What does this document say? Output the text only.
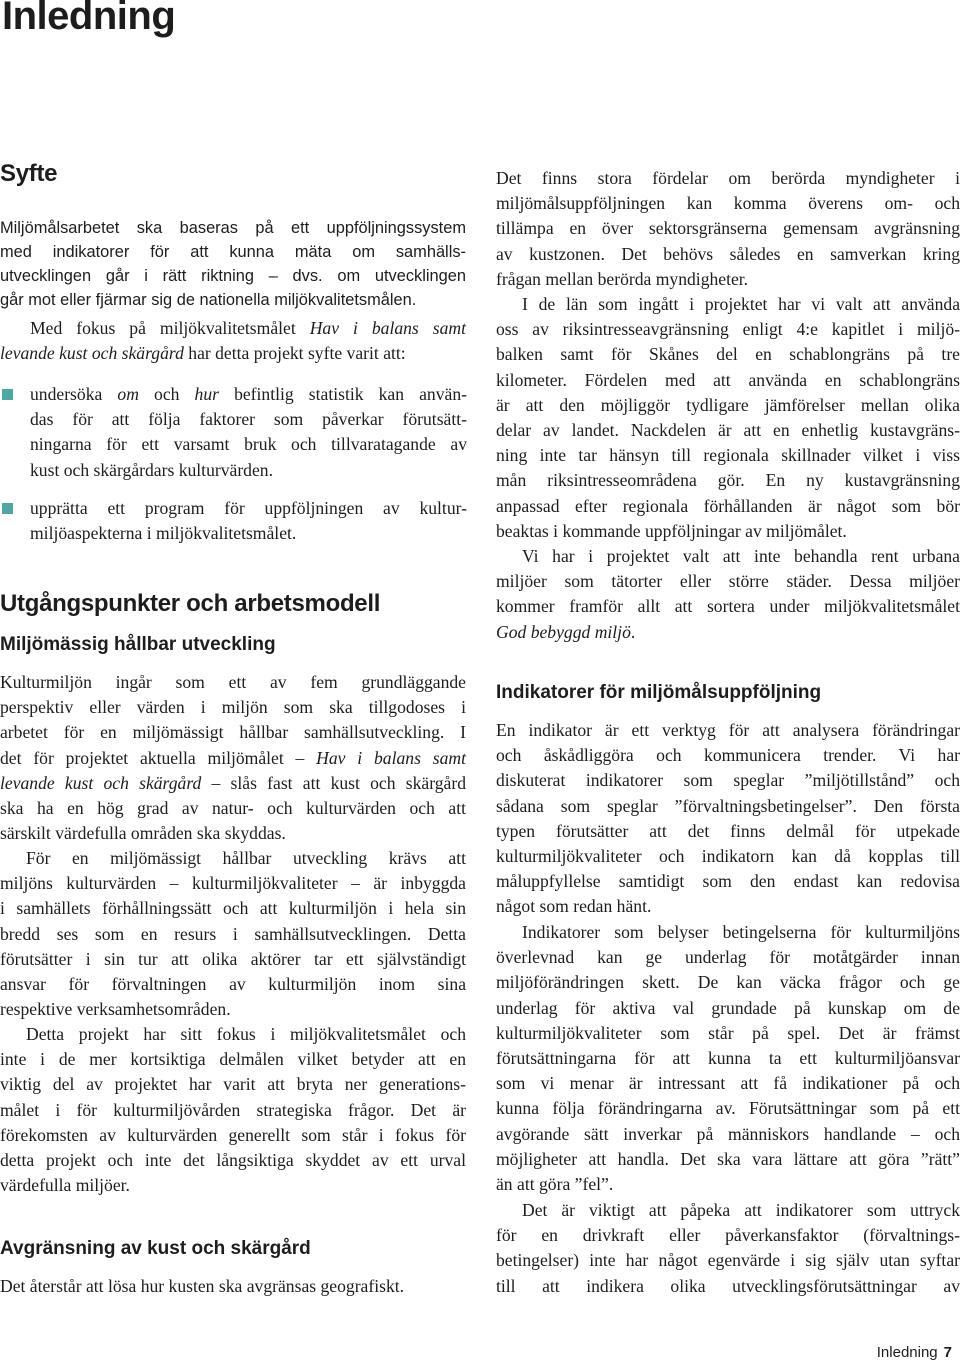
Inledning
Syfte
Miljömålsarbetet ska baseras på ett uppföljningssystem
med indikatorer för att kunna mäta om samhälls-
utvecklingen går i rätt riktning – dvs. om utvecklingen
går mot eller fjärmar sig de nationella miljökvalitetsmålen.
Med fokus på miljökvalitetsmålet Hav i balans samt
levande kust och skärgård har detta projekt syfte varit att:
undersöka om och hur befintlig statistik kan använ-
das för att följa faktorer som påverkar förutsätt-
ningarna för ett varsamt bruk och tillvaratagande av
kust och skärgårdars kulturvärden.
upprätta ett program för uppföljningen av kultur-
miljöaspekterna i miljökvalitetsmålet.
Utgångspunkter och arbetsmodell
Miljömässig hållbar utveckling
Kulturmiljön ingår som ett av fem grundläggande
perspektiv eller värden i miljön som ska tillgodoses i
arbetet för en miljömässigt hållbar samhällsutveckling. I
det för projektet aktuella miljömålet – Hav i balans samt
levande kust och skärgård – slås fast att kust och skärgård
ska ha en hög grad av natur- och kulturvärden och att
särskilt värdefulla områden ska skyddas.
För en miljömässigt hållbar utveckling krävs att
miljöns kulturvärden – kulturmiljökvaliteter – är inbyggda
i samhällets förhållningssätt och att kulturmiljön i hela sin
bredd ses som en resurs i samhällsutvecklingen. Detta
förutsätter i sin tur att olika aktörer tar ett självständigt
ansvar för förvaltningen av kulturmiljön inom sina
respektive verksamhetsområden.
Detta projekt har sitt fokus i miljökvalitetsmålet och
inte i de mer kortsiktiga delmålen vilket betyder att en
viktig del av projektet har varit att bryta ner generations-
målet i för kulturmiljövården strategiska frågor. Det är
förekomsten av kulturvärden generellt som står i fokus för
detta projekt och inte det långsiktiga skyddet av ett urval
värdefulla miljöer.
Avgränsning av kust och skärgård
Det återstår att lösa hur kusten ska avgränsas geografiskt.
Det finns stora fördelar om berörda myndigheter i
miljömålsuppföljningen kan komma överens om- och
tillämpa en över sektorsgränserna gemensam avgränsning
av kustzonen. Det behövs således en samverkan kring
frågan mellan berörda myndigheter.
I de län som ingått i projektet har vi valt att använda
oss av riksintresseavgränsning enligt 4:e kapitlet i miljö-
balken samt för Skånes del en schablongräns på tre
kilometer. Fördelen med att använda en schablongräns
är att den möjliggör tydligare jämförelser mellan olika
delar av landet. Nackdelen är att en enhetlig kustavgräns-
ning inte tar hänsyn till regionala skillnader vilket i viss
mån riksintresseområdena gör. En ny kustavgränsning
anpassad efter regionala förhållanden är något som bör
beaktas i kommande uppföljningar av miljömålet.
Vi har i projektet valt att inte behandla rent urbana
miljöer som tätorter eller större städer. Dessa miljöer
kommer framför allt att sortera under miljökvalitetsmålet
God bebyggd miljö.
Indikatorer för miljömålsuppföljning
En indikator är ett verktyg för att analysera förändringar
och åskådliggöra och kommunicera trender. Vi har
diskuterat indikatorer som speglar ”miljötillstånd” och
sådana som speglar ”förvaltningsbetingelser”. Den första
typen förutsätter att det finns delmål för utpekade
kulturmiljökvaliteter och indikatorn kan då kopplas till
måluppfyllelse samtidigt som den endast kan redovisa
något som redan hänt.
Indikatorer som belyser betingelserna för kulturmiljöns
överlevnad kan ge underlag för motåtgärder innan
miljöförändringen skett. De kan väcka frågor och ge
underlag för aktiva val grundade på kunskap om de
kulturmiljökvaliteter som står på spel. Det är främst
förutsättningarna för att kunna ta ett kulturmiljöansvar
som vi menar är intressant att få indikationer på och
kunna följa förändringarna av. Förutsättningar som på ett
avgörande sätt inverkar på människors handlande – och
möjligheter att handla. Det ska vara lättare att göra ”rätt”
än att göra ”fel”.
Det är viktigt att påpeka att indikatorer som uttryck
för en drivkraft eller påverkansfaktor (förvaltnings-
betingelser) inte har något egenvärde i sig själv utan syftar
till att indikera olika utvecklingsförutsättningar av
Inledning 7
